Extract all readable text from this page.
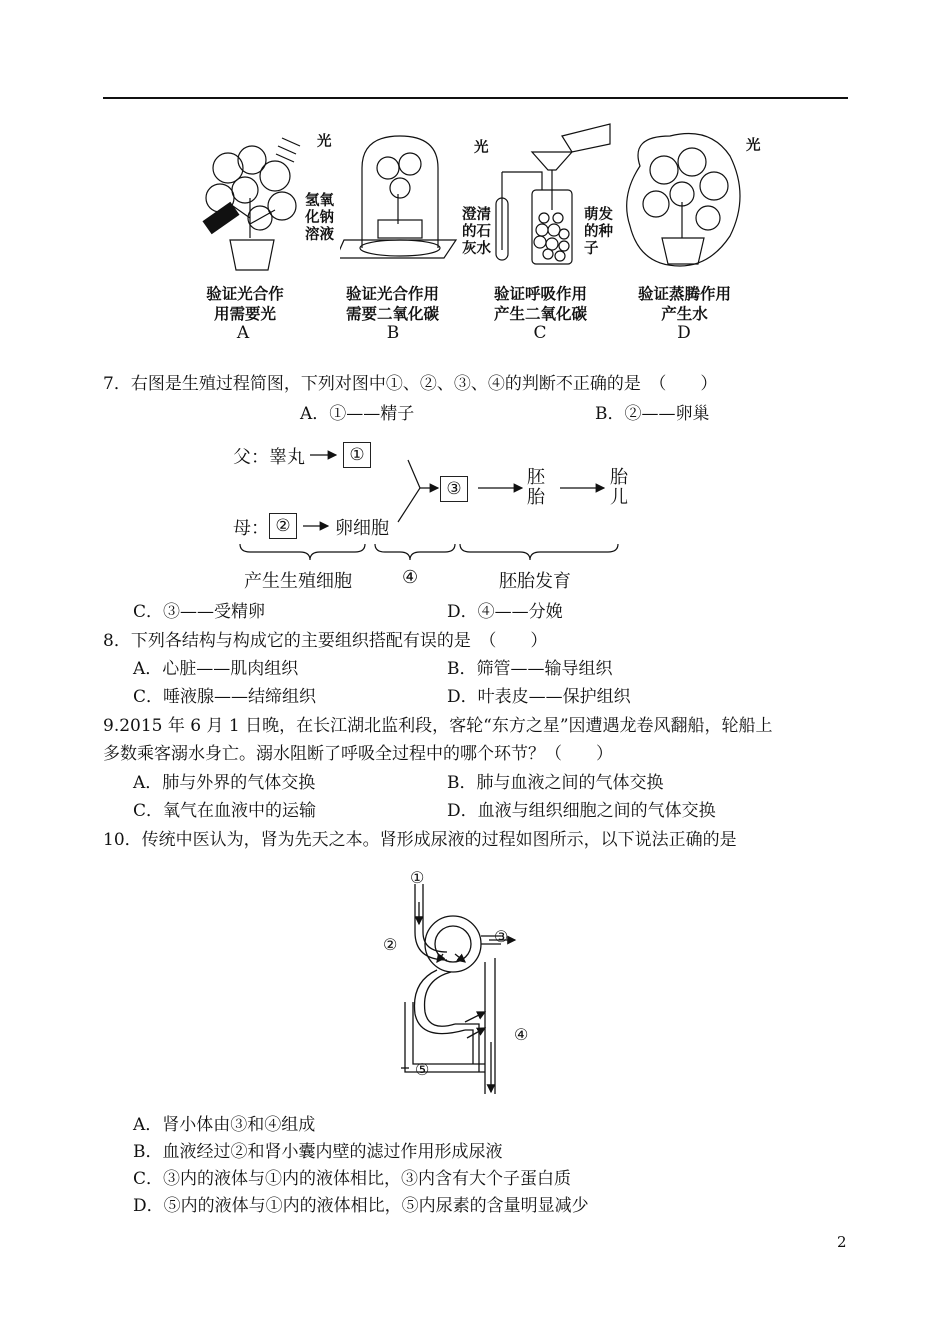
光	光
氢氧
化钠
溶液
澄清
的石
灰水
萌发
的种
子
光
验证光合作
用需要光
验证光合作用
需要二氧化碳
验证呼吸作用
产生二氧化碳
验证蒸腾作用
产生水
A	B	C	D
7．右图是生殖过程简图，下列对图中①、②、③、④的判断不正确的是　（　　）
A．①——精子	B．②——卵巢
父：睾丸	①
母： ②	卵细胞
③
胚
胎
胎
儿
产生生殖细胞	④	胚胎发育
C．③——受精卵	D．④——分娩
8．下列各结构与构成它的主要组织搭配有误的是　（　　）
A．心脏——肌肉组织	B．筛管——输导组织
C．唾液腺——结缔组织	D．叶表皮——保护组织
9.2015 年 6 月 1 日晚，在长江湖北监利段，客轮“东方之星”因遭遇龙卷风翻船，轮船上
多数乘客溺水身亡。溺水阻断了呼吸全过程中的哪个环节？（　　）
A．肺与外界的气体交换	B．肺与血液之间的气体交换
C．氧气在血液中的运输	D．血液与组织细胞之间的气体交换
10．传统中医认为，肾为先天之本。肾形成尿液的过程如图所示，以下说法正确的是
①
②	③
④
⑤
A．肾小体由③和④组成
B．血液经过②和肾小囊内壁的滤过作用形成尿液
C．③内的液体与①内的液体相比，③内含有大个子蛋白质
D．⑤内的液体与①内的液体相比，⑤内尿素的含量明显减少
2
